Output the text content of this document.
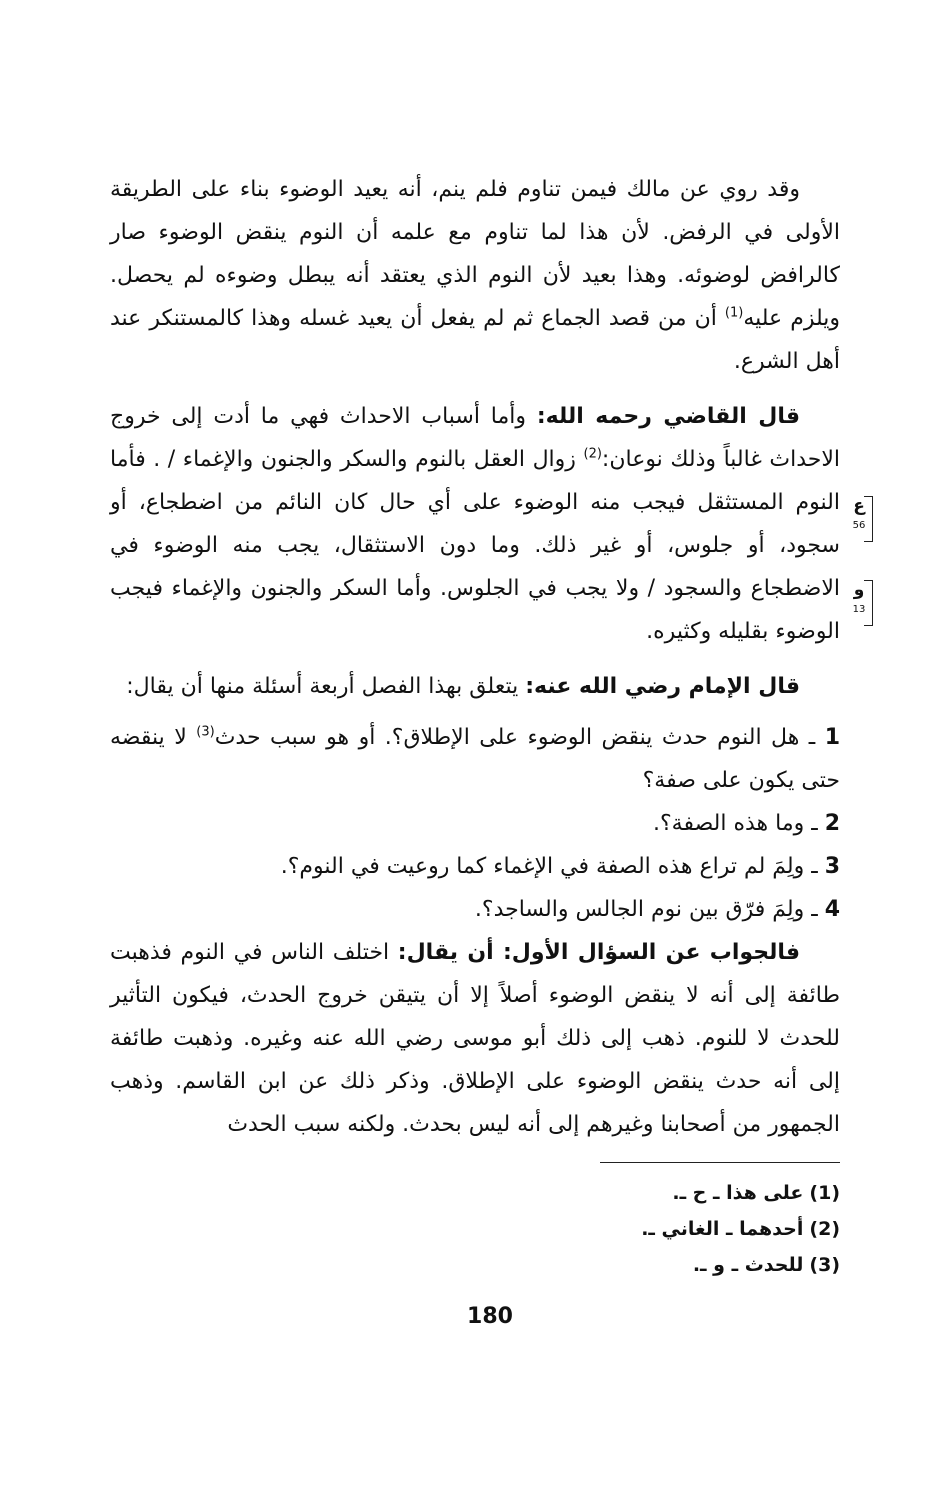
وقد روي عن مالك فيمن تناوم فلم ينم، أنه يعيد الوضوء بناء على الطريقة الأولى في الرفض. لأن هذا لما تناوم مع علمه أن النوم ينقض الوضوء صار كالرافض لوضوئه. وهذا بعيد لأن النوم الذي يعتقد أنه يبطل وضوءه لم يحصل. ويلزم عليه$^{(1)}$ أن من قصد الجماع ثم لم يفعل أن يعيد غسله وهذا كالمستنكر عند أهل الشرع.

قال القاضي رحمه الله: وأما أسباب الاحداث فهي ما أدت إلى خروج الاحداث غالباً وذلك نوعان:$^{(2)}$ زوال العقل بالنوم والسكر والجنون والإغماء / . فأما النوم المستثقل فيجب منه الوضوء على أي حال كان النائم من اضطجاع، أو سجود، أو جلوس، أو غير ذلك. وما دون الاستثقال، يجب منه الوضوء في الاضطجاع والسجود / ولا يجب في الجلوس. وأما السكر والجنون والإغماء فيجب الوضوء بقليله وكثيره.

قال الإمام رضي الله عنه: يتعلق بهذا الفصل أربعة أسئلة منها أن يقال:

1 ـ هل النوم حدث ينقض الوضوء على الإطلاق؟. أو هو سبب حدث$^{(3)}$ لا ينقضه حتى يكون على صفة؟
2 ـ وما هذه الصفة؟.
3 ـ ولِمَ لم تراع هذه الصفة في الإغماء كما روعيت في النوم؟.
4 ـ ولِمَ فرّق بين نوم الجالس والساجد؟.

فالجواب عن السؤال الأول: أن يقال: اختلف الناس في النوم فذهبت طائفة إلى أنه لا ينقض الوضوء أصلاً إلا أن يتيقن خروج الحدث، فيكون التأثير للحدث لا للنوم. ذهب إلى ذلك أبو موسى رضي الله عنه وغيره. وذهبت طائفة إلى أنه حدث ينقض الوضوء على الإطلاق. وذكر ذلك عن ابن القاسم. وذهب الجمهور من أصحابنا وغيرهم إلى أنه ليس بحدث. ولكنه سبب الحدث

ع
56
و
13

(1) على هذا ـ ح ـ.

(2) أحدهما ـ الغاني ـ.

(3) للحدث ـ و ـ.

180
